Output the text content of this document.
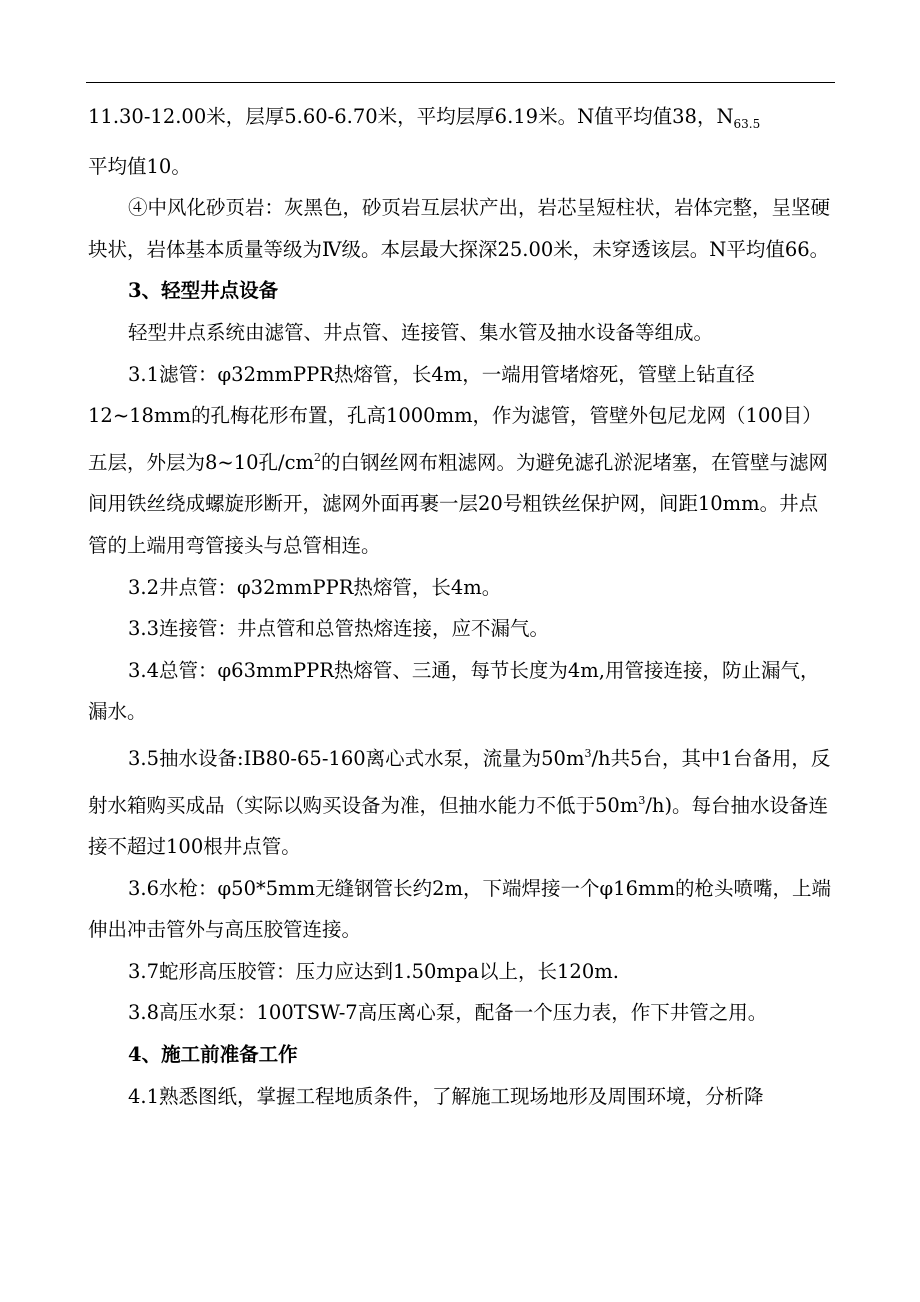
11.30-12.00米，层厚5.60-6.70米，平均层厚6.19米。N值平均值38，$N_{63.5}$
平均值10。

④中风化砂页岩：灰黑色，砂页岩互层状产出，岩芯呈短柱状，岩体完整，呈坚硬块状，岩体基本质量等级为Ⅳ级。本层最大探深25.00米，未穿透该层。N平均值66。

3、轻型井点设备

轻型井点系统由滤管、井点管、连接管、集水管及抽水设备等组成。

3.1滤管：φ32mmPPR热熔管，长4m，一端用管堵熔死，管壁上钻直径12~18mm的孔梅花形布置，孔高1000mm，作为滤管，管壁外包尼龙网（100目）五层，外层为8~10孔$/cm^2$的白钢丝网布粗滤网。为避免滤孔淤泥堵塞，在管壁与滤网间用铁丝绕成螺旋形断开，滤网外面再裹一层20号粗铁丝保护网，间距10mm。井点管的上端用弯管接头与总管相连。

3.2井点管：φ32mmPPR热熔管，长4m。

3.3连接管：井点管和总管热熔连接，应不漏气。

3.4总管：φ63mmPPR热熔管、三通，每节长度为4m,用管接连接，防止漏气，漏水。

3.5抽水设备:IB80-65-160离心式水泵，流量为$50m^3/h$共5台，其中1台备用，反射水箱购买成品（实际以购买设备为准，但抽水能力不低于$50m^3/h$)。每台抽水设备连接不超过100根井点管。

3.6水枪：φ50*5mm无缝钢管长约2m，下端焊接一个φ16mm的枪头喷嘴，上端伸出冲击管外与高压胶管连接。

3.7蛇形高压胶管：压力应达到1.50mpa以上，长120m.

3.8高压水泵：100TSW-7高压离心泵，配备一个压力表，作下井管之用。

4、施工前准备工作

4.1熟悉图纸，掌握工程地质条件，了解施工现场地形及周围环境，分析降
